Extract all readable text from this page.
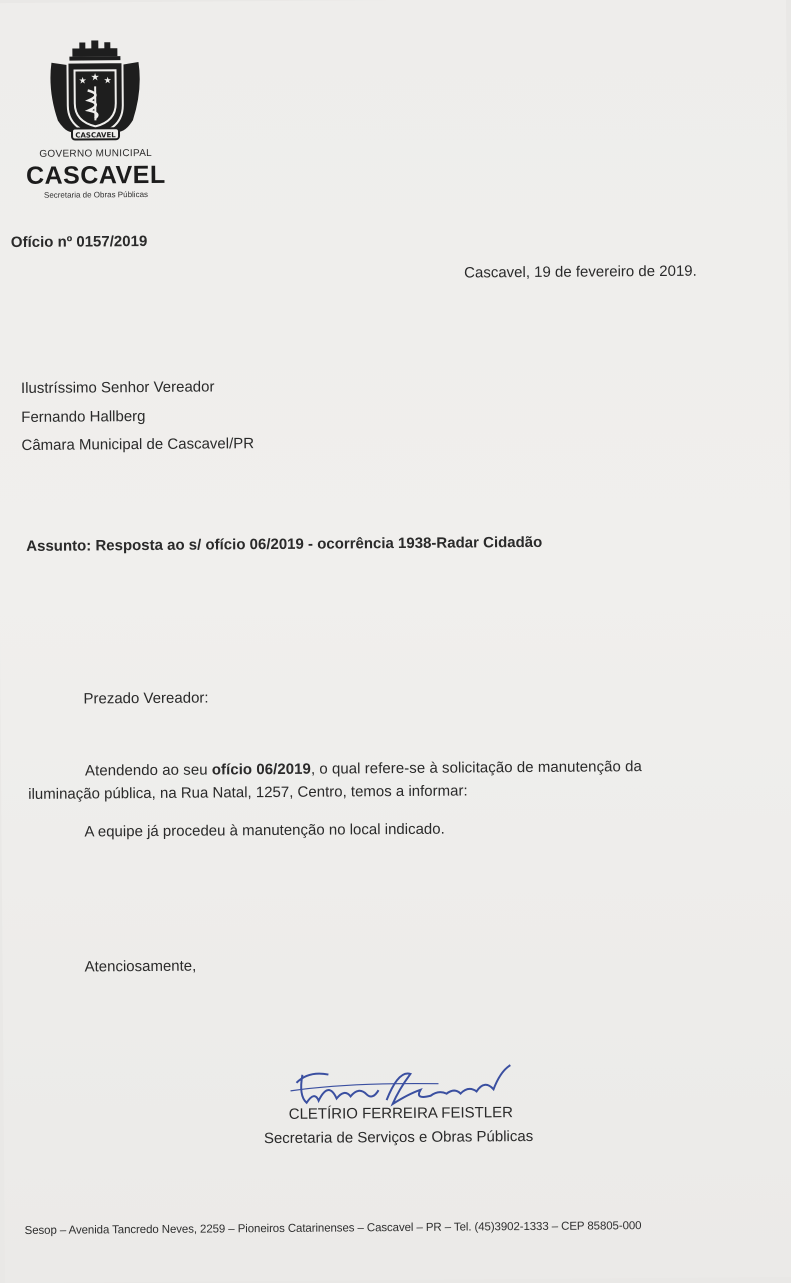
★ ★ ★
CASCAVEL
GOVERNO MUNICIPAL
CASCAVEL
Secretaria de Obras Públicas
Ofício nº 0157/2019
Cascavel, 19 de fevereiro de 2019.
Ilustríssimo Senhor Vereador
Fernando Hallberg
Câmara Municipal de Cascavel/PR
Assunto: Resposta ao s/ ofício 06/2019 - ocorrência 1938-Radar Cidadão
Prezado Vereador:
Atendendo ao seu ofício 06/2019, o qual refere-se à solicitação de manutenção da
iluminação pública, na Rua Natal, 1257, Centro, temos a informar:
A equipe já procedeu à manutenção no local indicado.
Atenciosamente,
CLETÍRIO FERREIRA FEISTLER
Secretaria de Serviços e Obras Públicas
Sesop – Avenida Tancredo Neves, 2259 – Pioneiros Catarinenses – Cascavel – PR – Tel. (45)3902-1333 – CEP 85805-000
